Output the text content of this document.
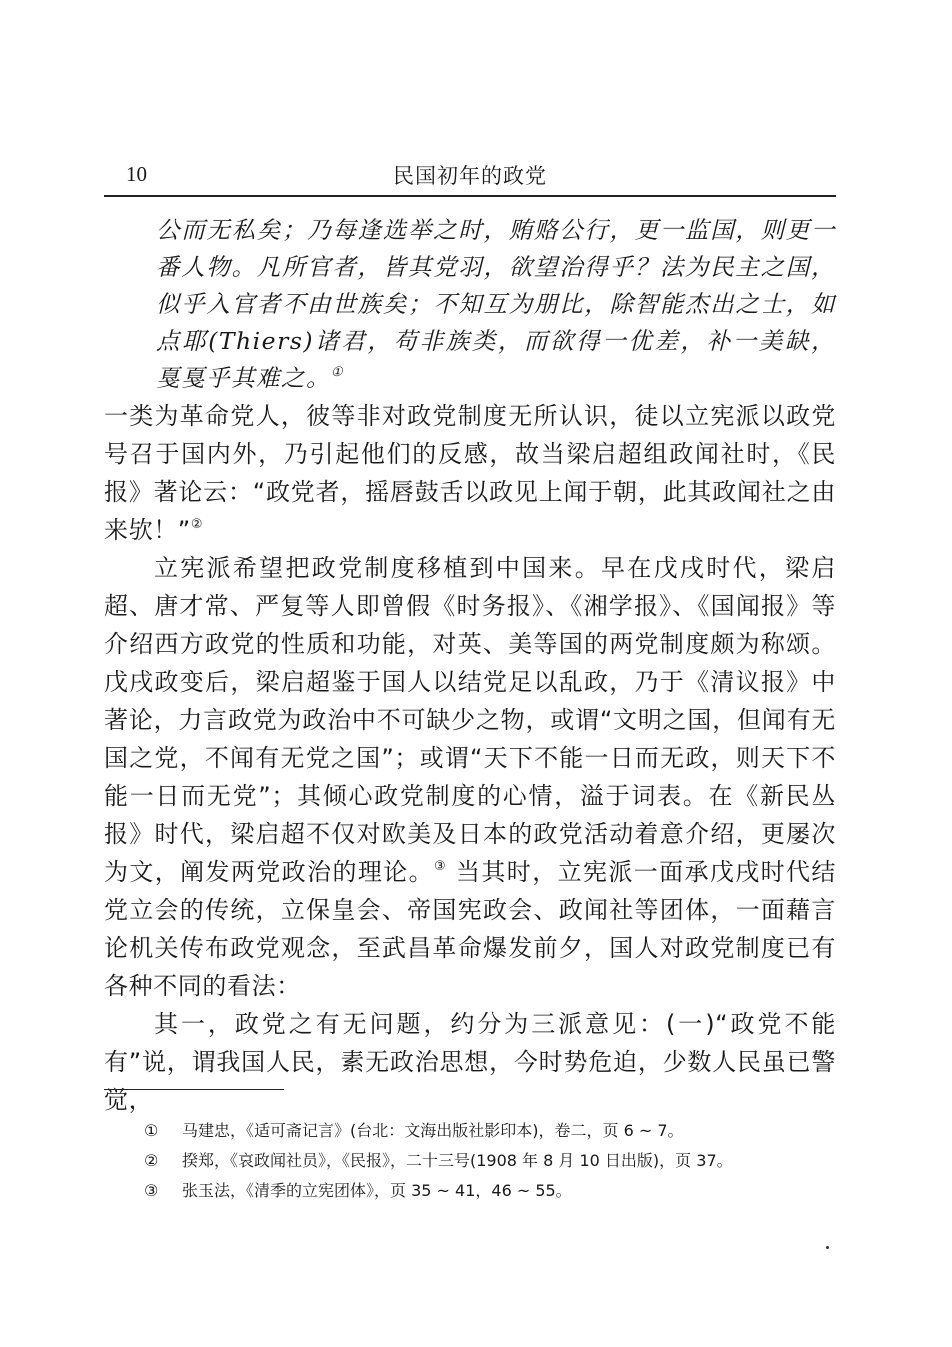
10	民国初年的政党

公而无私矣；乃每逢选举之时，贿赂公行，更一监国，则更一番人物。凡所官者，皆其党羽，欲望治得乎？法为民主之国，似乎入官者不由世族矣；不知互为朋比，除智能杰出之士，如点耶(Thiers)诸君，苟非族类，而欲得一优差，补一美缺，戛戛乎其难之。①

一类为革命党人，彼等非对政党制度无所认识，徒以立宪派以政党号召于国内外，乃引起他们的反感，故当梁启超组政闻社时，《民报》著论云：“政党者，摇唇鼓舌以政见上闻于朝，此其政闻社之由来欤！”②

立宪派希望把政党制度移植到中国来。早在戊戌时代，梁启超、唐才常、严复等人即曾假《时务报》、《湘学报》、《国闻报》等介绍西方政党的性质和功能，对英、美等国的两党制度颇为称颂。戊戌政变后，梁启超鉴于国人以结党足以乱政，乃于《清议报》中著论，力言政党为政治中不可缺少之物，或谓“文明之国，但闻有无国之党，不闻有无党之国”；或谓“天下不能一日而无政，则天下不能一日而无党”；其倾心政党制度的心情，溢于词表。在《新民丛报》时代，梁启超不仅对欧美及日本的政党活动着意介绍，更屡次为文，阐发两党政治的理论。③ 当其时，立宪派一面承戊戌时代结党立会的传统，立保皇会、帝国宪政会、政闻社等团体，一面藉言论机关传布政党观念，至武昌革命爆发前夕，国人对政党制度已有各种不同的看法：

其一，政党之有无问题，约分为三派意见：(一)“政党不能有”说，谓我国人民，素无政治思想，今时势危迫，少数人民虽已警觉，

① 马建忠，《适可斋记言》(台北：文海出版社影印本)，卷二，页 6 ~ 7。
② 揆郑，《哀政闻社员》，《民报》，二十三号(1908 年 8 月 10 日出版)，页 37。
③ 张玉法，《清季的立宪团体》，页 35 ~ 41，46 ~ 55。
